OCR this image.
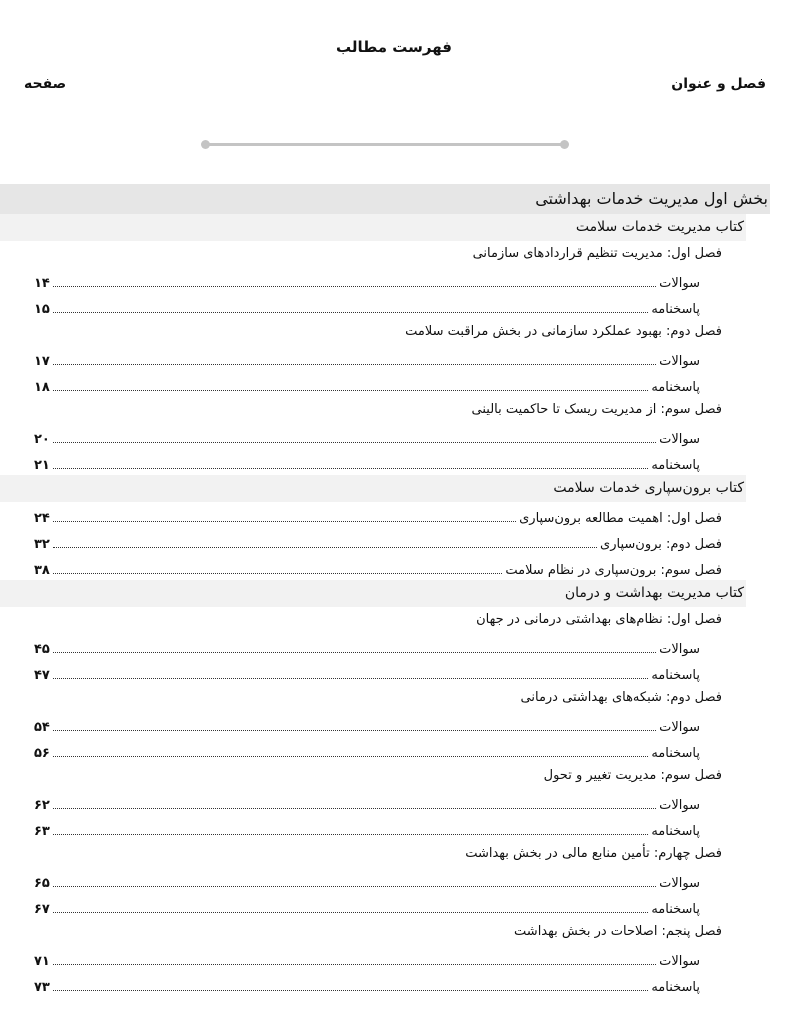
فهرست مطالب
فصل و عنوان
صفحه
بخش اول مدیریت خدمات بهداشتی
کتاب مدیریت خدمات سلامت
فصل اول: مدیریت تنظیم قراردادهای سازمانی
سوالات
۱۴
پاسخنامه
۱۵
فصل دوم: بهبود عملکرد سازمانی در بخش مراقبت سلامت
سوالات
۱۷
پاسخنامه
۱۸
فصل سوم: از مدیریت ریسک تا حاکمیت بالینی
سوالات
۲۰
پاسخنامه
۲۱
کتاب برون‌سپاری خدمات سلامت
فصل اول: اهمیت مطالعه برون‌سپاری
۲۴
فصل دوم: برون‌سپاری
۳۲
فصل سوم: برون‌سپاری در نظام سلامت
۳۸
کتاب مدیریت بهداشت و درمان
فصل اول: نظام‌های بهداشتی درمانی در جهان
سوالات
۴۵
پاسخنامه
۴۷
فصل دوم: شبکه‌های بهداشتی درمانی
سوالات
۵۴
پاسخنامه
۵۶
فصل سوم: مدیریت تغییر و تحول
سوالات
۶۲
پاسخنامه
۶۳
فصل چهارم: تأمین منابع مالی در بخش بهداشت
سوالات
۶۵
پاسخنامه
۶۷
فصل پنجم: اصلاحات در بخش بهداشت
سوالات
۷۱
پاسخنامه
۷۳
